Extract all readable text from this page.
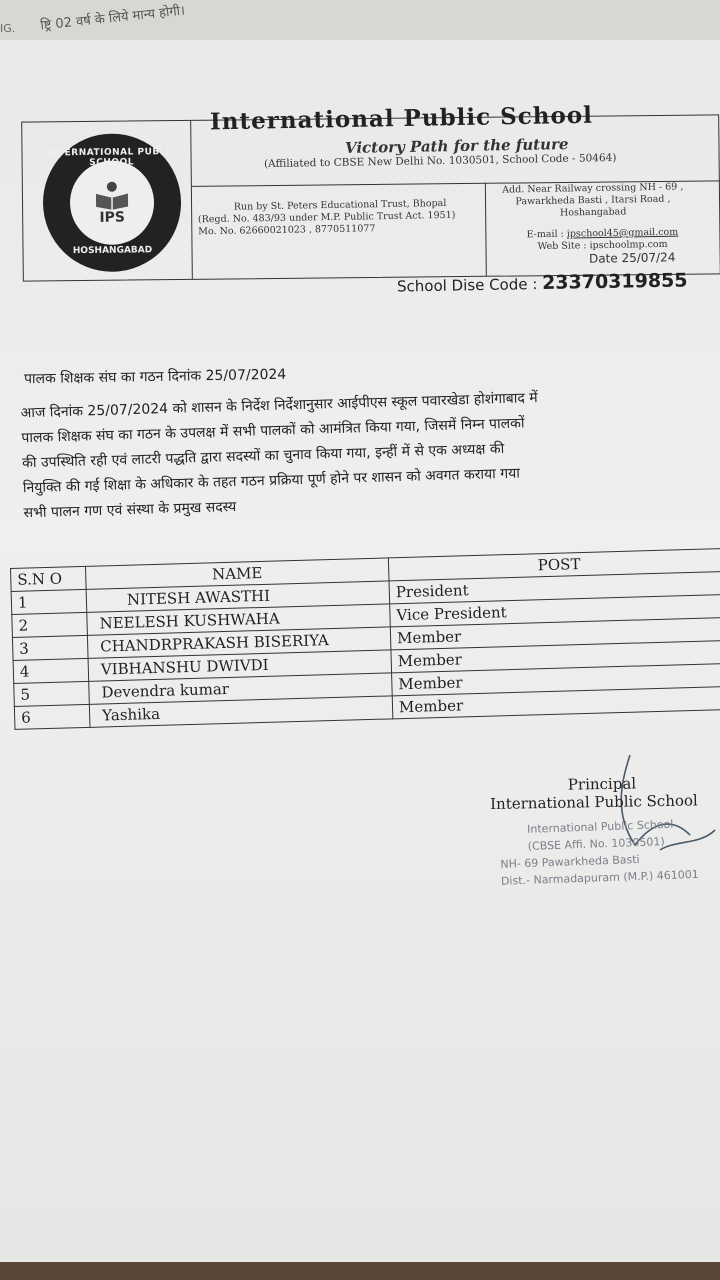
IG. ष्ट्रि 02 वर्ष के लिये मान्य होगी।
INTERNATIONAL PUBLIC SCHOOL
IPS
HOSHANGABAD
International Public School
Victory Path for the future
(Affiliated to CBSE New Delhi No. 1030501, School Code - 50464)
Run by St. Peters Educational Trust, Bhopal
(Regd. No. 483/93 under M.P. Public Trust Act. 1951)
Mo. No. 62660021023 , 8770511077
Add. Near Railway crossing NH - 69 ,
Pawarkheda Basti , Itarsi Road ,
Hoshangabad
E-mail : ipschool45@gmail.com
Web Site : ipschoolmp.com
Date 25/07/24
School Dise Code : 23370319855
पालक शिक्षक संघ का गठन दिनांक 25/07/2024
आज दिनांक 25/07/2024 को शासन के निर्देश निर्देशानुसार आईपीएस स्कूल पवारखेडा होशंगाबाद में
पालक शिक्षक संघ का गठन के उपलक्ष में सभी पालकों को आमंत्रित किया गया, जिसमें निम्न पालकों
की उपस्थिति रही एवं लाटरी पद्धति द्वारा सदस्यों का चुनाव किया गया, इन्हीं में से एक अध्यक्ष की
नियुक्ति की गई शिक्षा के अधिकार के तहत गठन प्रक्रिया पूर्ण होने पर शासन को अवगत कराया गया
सभी पालन गण एवं संस्था के प्रमुख सदस्य
S.N O	NAME	POST
1	NITESH AWASTHI	President
2	NEELESH KUSHWAHA	Vice President
3	CHANDRPRAKASH BISERIYA	Member
4	VIBHANSHU DWIVDI	Member
5	Devendra kumar	Member
6	Yashika	Member
Principal
International Public School
International Public School
(CBSE Affi. No. 1030501)
NH- 69 Pawarkheda Basti
Dist.- Narmadapuram (M.P.) 461001
